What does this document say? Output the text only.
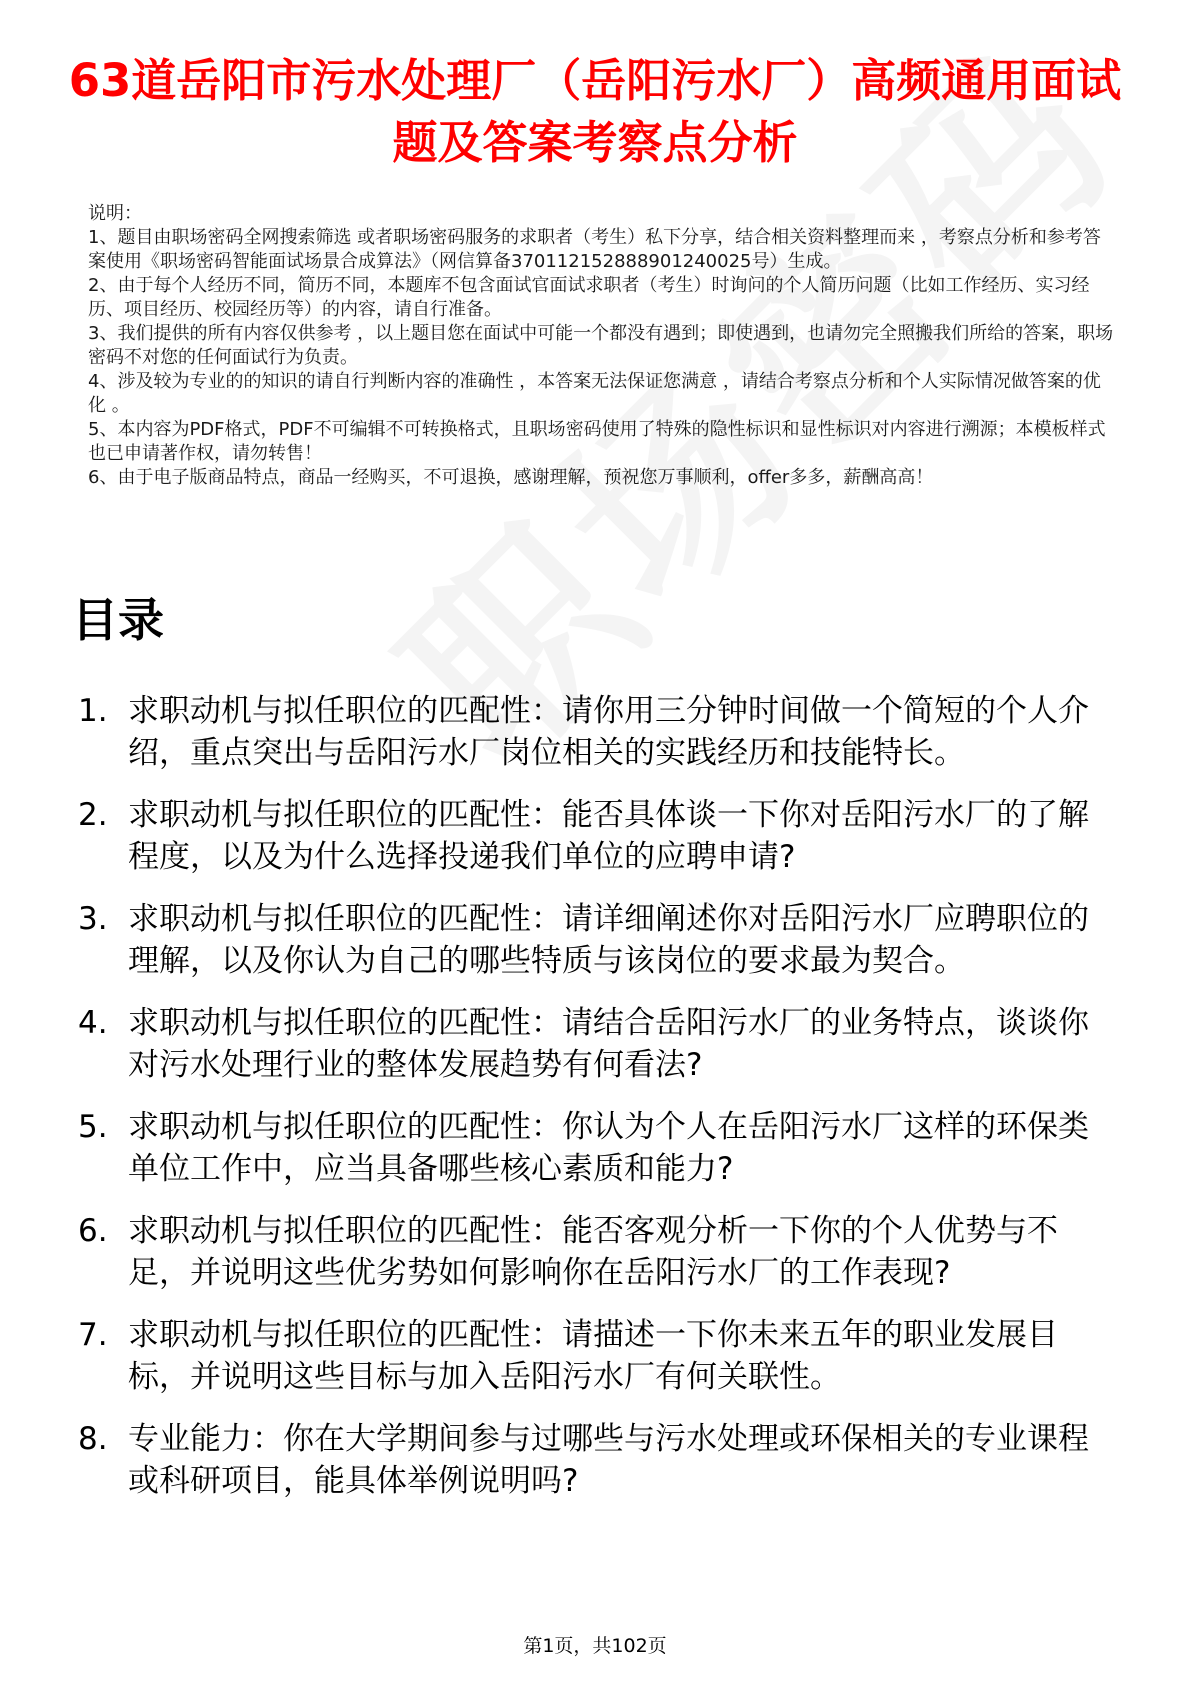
63道岳阳市污水处理厂（岳阳污水厂）高频通用面试题及答案考察点分析

说明：

1、题目由职场密码全网搜索筛选 或者职场密码服务的求职者（考生）私下分享，结合相关资料整理而来 ，考察点分析和参考答案使用《职场密码智能面试场景合成算法》（网信算备370112152888901240025号）生成。

2、由于每个人经历不同，简历不同，本题库不包含面试官面试求职者（考生）时询问的个人简历问题（比如工作经历、实习经历、项目经历、校园经历等）的内容，请自行准备。

3、我们提供的所有内容仅供参考 ，以上题目您在面试中可能一个都没有遇到；即使遇到，也请勿完全照搬我们所给的答案，职场密码不对您的任何面试行为负责。

4、涉及较为专业的的知识的请自行判断内容的准确性 ，本答案无法保证您满意 ，请结合考察点分析和个人实际情况做答案的优化 。

5、本内容为PDF格式，PDF不可编辑不可转换格式，且职场密码使用了特殊的隐性标识和显性标识对内容进行溯源；本模板样式也已申请著作权，请勿转售！

6、由于电子版商品特点，商品一经购买，不可退换，感谢理解，预祝您万事顺利，offer多多，薪酬高高！

目录
1. 求职动机与拟任职位的匹配性：请你用三分钟时间做一个简短的个人介绍，重点突出与岳阳污水厂岗位相关的实践经历和技能特长。
2. 求职动机与拟任职位的匹配性：能否具体谈一下你对岳阳污水厂的了解程度，以及为什么选择投递我们单位的应聘申请?
3. 求职动机与拟任职位的匹配性：请详细阐述你对岳阳污水厂应聘职位的理解，以及你认为自己的哪些特质与该岗位的要求最为契合。
4. 求职动机与拟任职位的匹配性：请结合岳阳污水厂的业务特点，谈谈你对污水处理行业的整体发展趋势有何看法?
5. 求职动机与拟任职位的匹配性：你认为个人在岳阳污水厂这样的环保类单位工作中，应当具备哪些核心素质和能力?
6. 求职动机与拟任职位的匹配性：能否客观分析一下你的个人优势与不足，并说明这些优劣势如何影响你在岳阳污水厂的工作表现?
7. 求职动机与拟任职位的匹配性：请描述一下你未来五年的职业发展目标，并说明这些目标与加入岳阳污水厂有何关联性。
8. 专业能力：你在大学期间参与过哪些与污水处理或环保相关的专业课程或科研项目，能具体举例说明吗?
第1页，共102页
